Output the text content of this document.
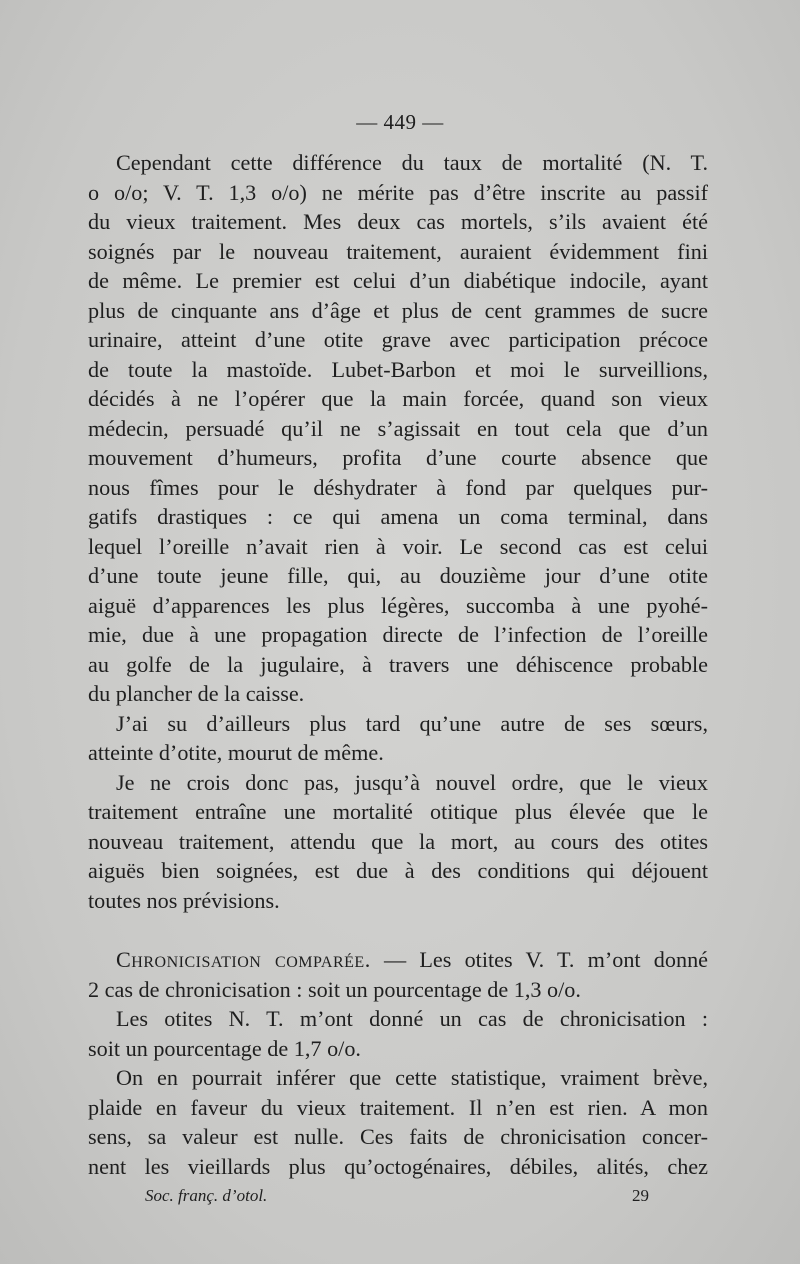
— 449 —
Cependant cette différence du taux de mortalité (N. T.
o o/o; V. T. 1,3 o/o) ne mérite pas d’être inscrite au passif
du vieux traitement. Mes deux cas mortels, s’ils avaient été
soignés par le nouveau traitement, auraient évidemment fini
de même. Le premier est celui d’un diabétique indocile, ayant
plus de cinquante ans d’âge et plus de cent grammes de sucre
urinaire, atteint d’une otite grave avec participation précoce
de toute la mastoïde. Lubet-Barbon et moi le surveillions,
décidés à ne l’opérer que la main forcée, quand son vieux
médecin, persuadé qu’il ne s’agissait en tout cela que d’un
mouvement d’humeurs, profita d’une courte absence que
nous fîmes pour le déshydrater à fond par quelques pur-
gatifs drastiques : ce qui amena un coma terminal, dans
lequel l’oreille n’avait rien à voir. Le second cas est celui
d’une toute jeune fille, qui, au douzième jour d’une otite
aiguë d’apparences les plus légères, succomba à une pyohé-
mie, due à une propagation directe de l’infection de l’oreille
au golfe de la jugulaire, à travers une déhiscence probable
du plancher de la caisse.
J’ai su d’ailleurs plus tard qu’une autre de ses sœurs,
atteinte d’otite, mourut de même.
Je ne crois donc pas, jusqu’à nouvel ordre, que le vieux
traitement entraîne une mortalité otitique plus élevée que le
nouveau traitement, attendu que la mort, au cours des otites
aiguës bien soignées, est due à des conditions qui déjouent
toutes nos prévisions.
Chronicisation comparée. — Les otites V. T. m’ont donné
2 cas de chronicisation : soit un pourcentage de 1,3 o/o.
Les otites N. T. m’ont donné un cas de chronicisation :
soit un pourcentage de 1,7 o/o.
On en pourrait inférer que cette statistique, vraiment brève,
plaide en faveur du vieux traitement. Il n’en est rien. A mon
sens, sa valeur est nulle. Ces faits de chronicisation concer-
nent les vieillards plus qu’octogénaires, débiles, alités, chez
Soc. franç. d’otol.	29
